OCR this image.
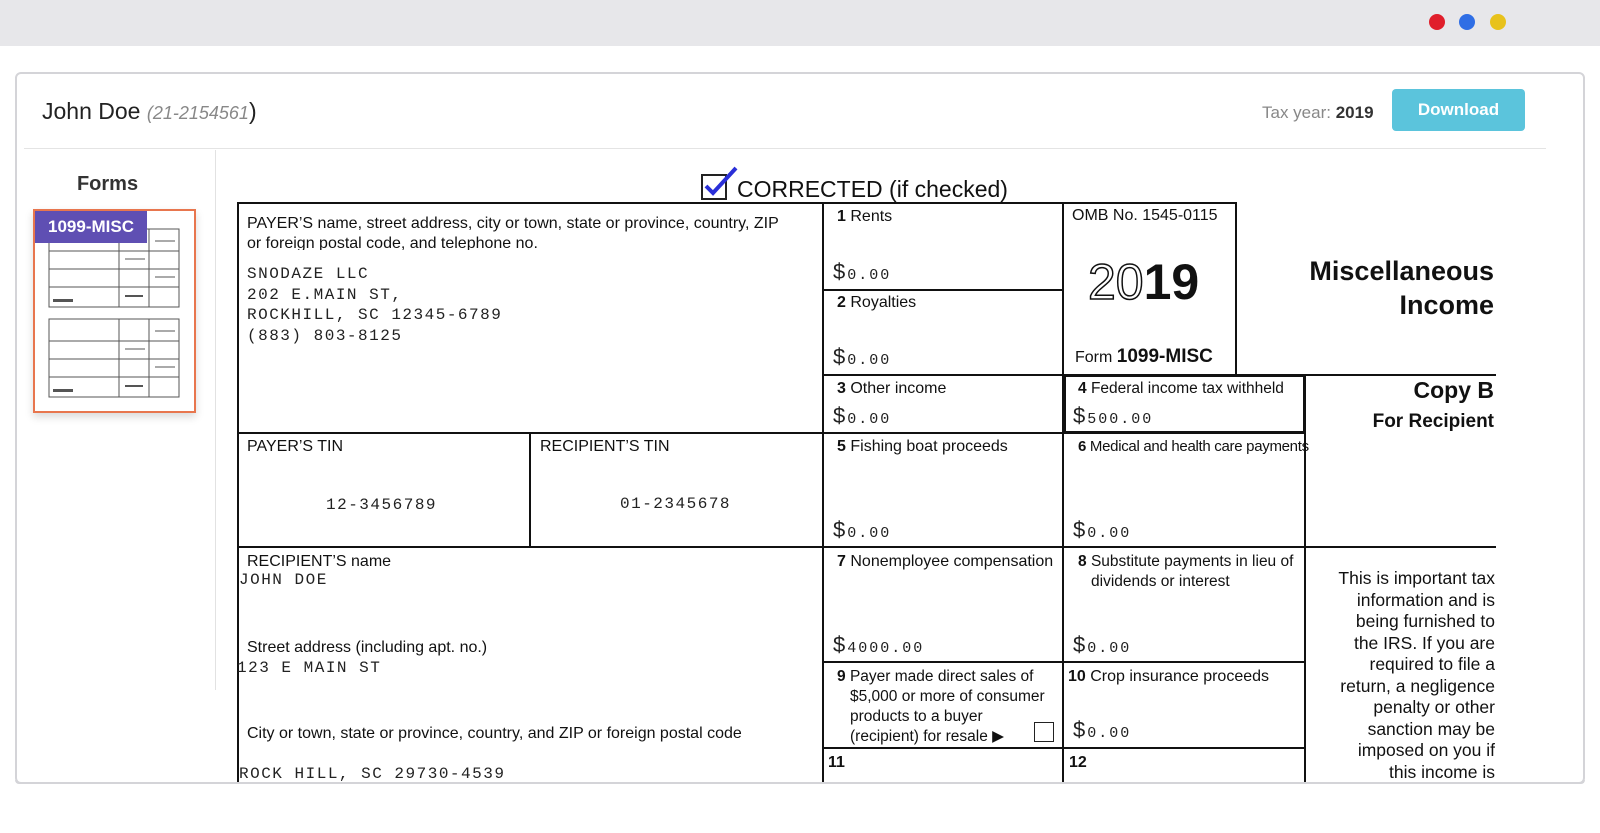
John Doe (21-2154561)	Tax year: 2019	Download
Forms
1099-MISC
CORRECTED (if checked)
PAYER’S name, street address, city or town, state or province, country, ZIP
or foreign postal code, and telephone no.
SNODAZE LLC
202 E.MAIN ST,
ROCKHILL, SC 12345-6789
(883) 803-8125
PAYER’S TIN
12-3456789
RECIPIENT’S TIN
01-2345678
RECIPIENT’S name
JOHN DOE
Street address (including apt. no.)
123 E MAIN ST
City or town, state or province, country, and ZIP or foreign postal code
ROCK HILL, SC 29730-4539
1 Rents
$ 0.00
2 Royalties
$ 0.00
OMB No. 1545-0115
2019
Form 1099-MISC
Miscellaneous
Income
3 Other income
$ 0.00
4 Federal income tax withheld
$ 500.00
Copy B
For Recipient
5 Fishing boat proceeds
$ 0.00
6 Medical and health care payments
$ 0.00
7 Nonemployee compensation
$ 4000.00
8 Substitute payments in lieu of
dividends or interest
$ 0.00
9 Payer made direct sales of
$5,000 or more of consumer
products to a buyer
(recipient) for resale ▶
10 Crop insurance proceeds
$ 0.00
11	12
This is important tax
information and is
being furnished to
the IRS. If you are
required to file a
return, a negligence
penalty or other
sanction may be
imposed on you if
this income is
